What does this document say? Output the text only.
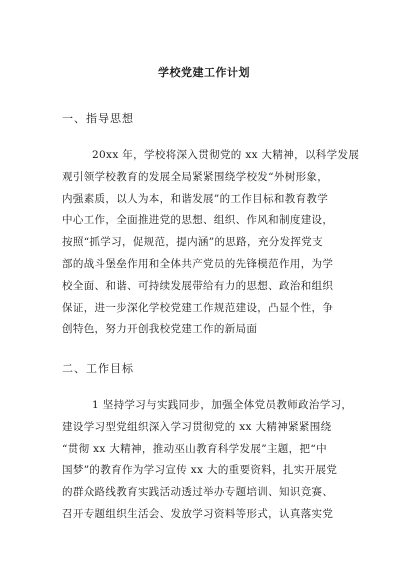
学校党建工作计划
一、指导思想
20xx 年，学校将深入贯彻党的 xx 大精神，以科学发展
观引领学校教育的发展全局紧紧围绕学校发“外树形象，
内强素质，以人为本，和谐发展”的工作目标和教育教学
中心工作，全面推进党的思想、组织、作风和制度建设，
按照“抓学习，促规范，提内涵”的思路，充分发挥党支
部的战斗堡垒作用和全体共产党员的先锋模范作用，为学
校全面、和谐、可持续发展带给有力的思想、政治和组织
保证，进一步深化学校党建工作规范建设，凸显个性，争
创特色，努力开创我校党建工作的新局面
二、工作目标
1 坚持学习与实践同步，加强全体党员教师政治学习，
建设学习型党组织深入学习贯彻党的 xx 大精神紧紧围绕
“贯彻 xx 大精神，推动巫山教育科学发展”主题，把“中
国梦”的教育作为学习宣传 xx 大的重要资料，扎实开展党
的群众路线教育实践活动透过举办专题培训、知识竞赛、
召开专题组织生活会、发放学习资料等形式，认真落实党
